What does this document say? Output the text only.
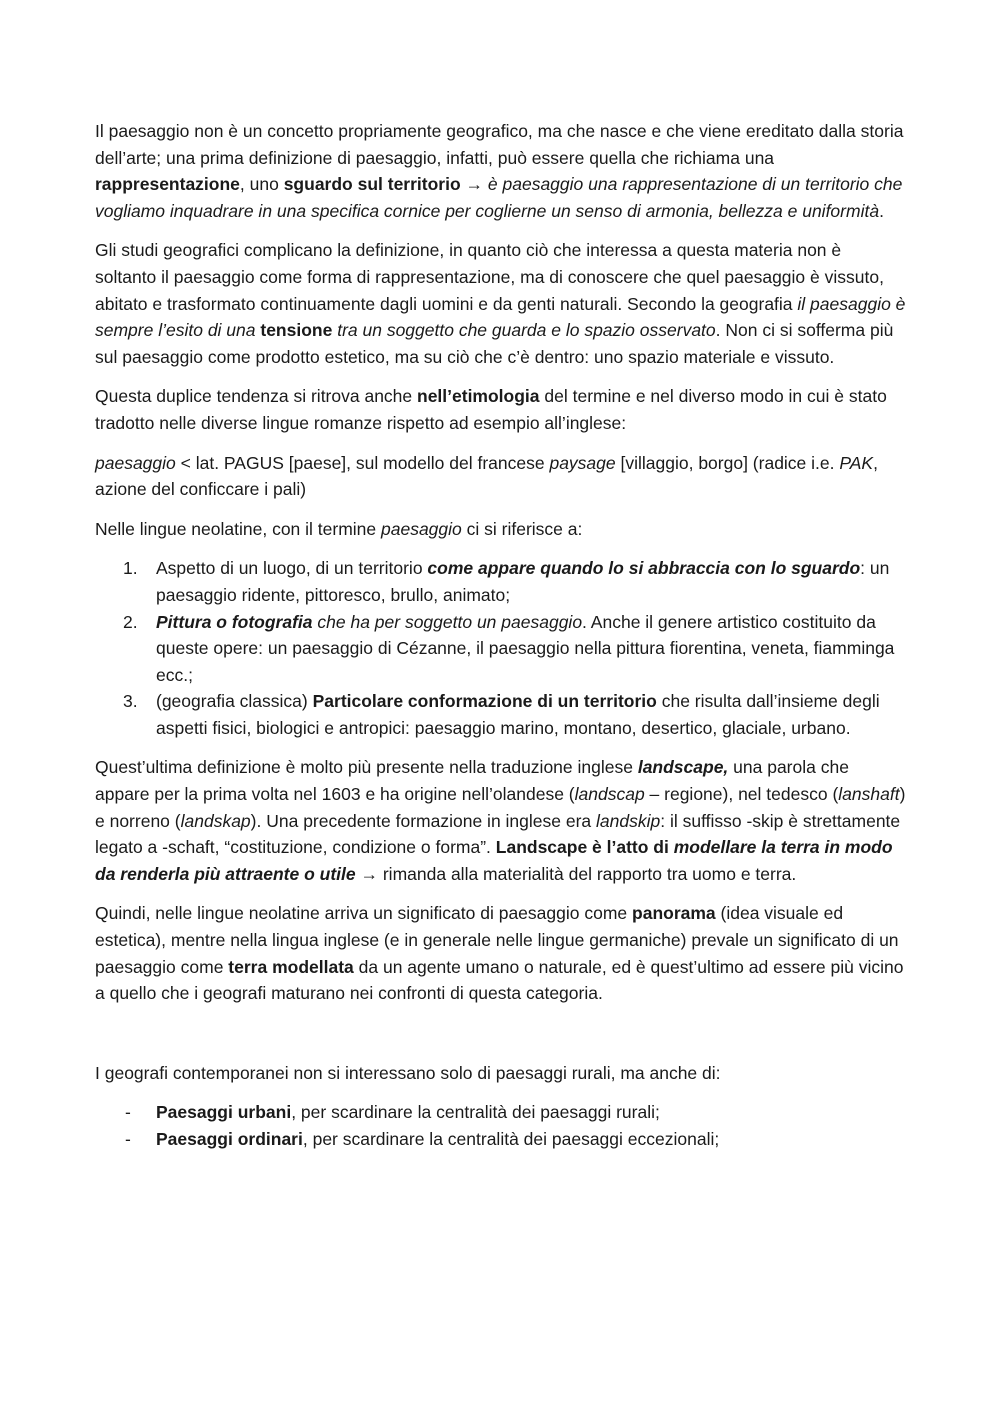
Il paesaggio non è un concetto propriamente geografico, ma che nasce e che viene ereditato dalla storia dell’arte; una prima definizione di paesaggio, infatti, può essere quella che richiama una rappresentazione, uno sguardo sul territorio → è paesaggio una rappresentazione di un territorio che vogliamo inquadrare in una specifica cornice per coglierne un senso di armonia, bellezza e uniformità.

Gli studi geografici complicano la definizione, in quanto ciò che interessa a questa materia non è soltanto il paesaggio come forma di rappresentazione, ma di conoscere che quel paesaggio è vissuto, abitato e trasformato continuamente dagli uomini e da genti naturali. Secondo la geografia il paesaggio è sempre l’esito di una tensione tra un soggetto che guarda e lo spazio osservato. Non ci si sofferma più sul paesaggio come prodotto estetico, ma su ciò che c’è dentro: uno spazio materiale e vissuto.

Questa duplice tendenza si ritrova anche nell’etimologia del termine e nel diverso modo in cui è stato tradotto nelle diverse lingue romanze rispetto ad esempio all’inglese:

paesaggio < lat. PAGUS [paese], sul modello del francese paysage [villaggio, borgo] (radice i.e. PAK, azione del conficcare i pali)

Nelle lingue neolatine, con il termine paesaggio ci si riferisce a:

1. Aspetto di un luogo, di un territorio come appare quando lo si abbraccia con lo sguardo: un paesaggio ridente, pittoresco, brullo, animato;
2. Pittura o fotografia che ha per soggetto un paesaggio. Anche il genere artistico costituito da queste opere: un paesaggio di Cézanne, il paesaggio nella pittura fiorentina, veneta, fiamminga ecc.;
3. (geografia classica) Particolare conformazione di un territorio che risulta dall’insieme degli aspetti fisici, biologici e antropici: paesaggio marino, montano, desertico, glaciale, urbano.

Quest’ultima definizione è molto più presente nella traduzione inglese landscape, una parola che appare per la prima volta nel 1603 e ha origine nell’olandese (landscap – regione), nel tedesco (lanshaft) e norreno (landskap). Una precedente formazione in inglese era landskip: il suffisso -skip è strettamente legato a -schaft, “costituzione, condizione o forma”. Landscape è l’atto di modellare la terra in modo da renderla più attraente o utile → rimanda alla materialità del rapporto tra uomo e terra.

Quindi, nelle lingue neolatine arriva un significato di paesaggio come panorama (idea visuale ed estetica), mentre nella lingua inglese (e in generale nelle lingue germaniche) prevale un significato di un paesaggio come terra modellata da un agente umano o naturale, ed è quest’ultimo ad essere più vicino a quello che i geografi maturano nei confronti di questa categoria.

I geografi contemporanei non si interessano solo di paesaggi rurali, ma anche di:

- Paesaggi urbani, per scardinare la centralità dei paesaggi rurali;
- Paesaggi ordinari, per scardinare la centralità dei paesaggi eccezionali;
